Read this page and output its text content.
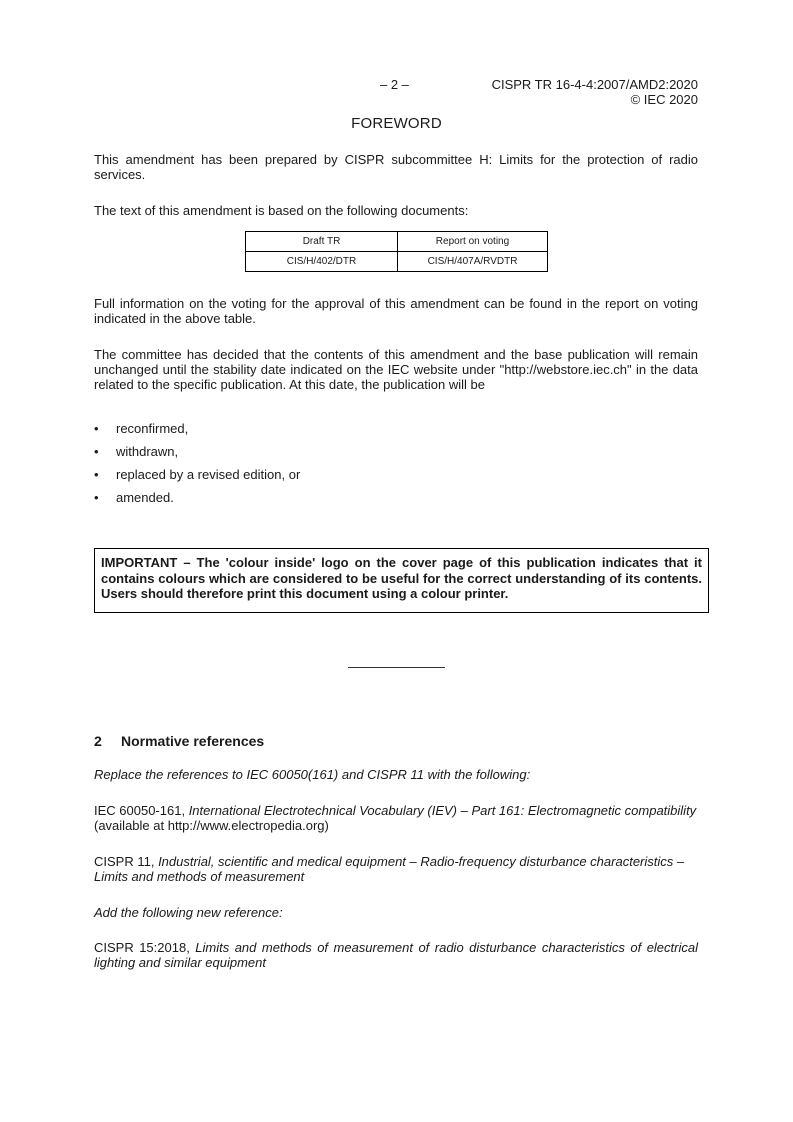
– 2 –	CISPR TR 16-4-4:2007/AMD2:2020
© IEC 2020
FOREWORD
This amendment has been prepared by CISPR subcommittee H: Limits for the protection of radio services.
The text of this amendment is based on the following documents:
Draft TR	Report on voting
CIS/H/402/DTR	CIS/H/407A/RVDTR
Full information on the voting for the approval of this amendment can be found in the report on voting indicated in the above table.
The committee has decided that the contents of this amendment and the base publication will remain unchanged until the stability date indicated on the IEC website under "http://webstore.iec.ch" in the data related to the specific publication. At this date, the publication will be
• reconfirmed,
• withdrawn,
• replaced by a revised edition, or
• amended.
IMPORTANT – The 'colour inside' logo on the cover page of this publication indicates that it contains colours which are considered to be useful for the correct understanding of its contents. Users should therefore print this document using a colour printer.
2 Normative references
Replace the references to IEC 60050(161) and CISPR 11 with the following:
IEC 60050-161, International Electrotechnical Vocabulary (IEV) – Part 161: Electromagnetic compatibility (available at http://www.electropedia.org)
CISPR 11, Industrial, scientific and medical equipment – Radio-frequency disturbance characteristics – Limits and methods of measurement
Add the following new reference:
CISPR 15:2018, Limits and methods of measurement of radio disturbance characteristics of electrical lighting and similar equipment
